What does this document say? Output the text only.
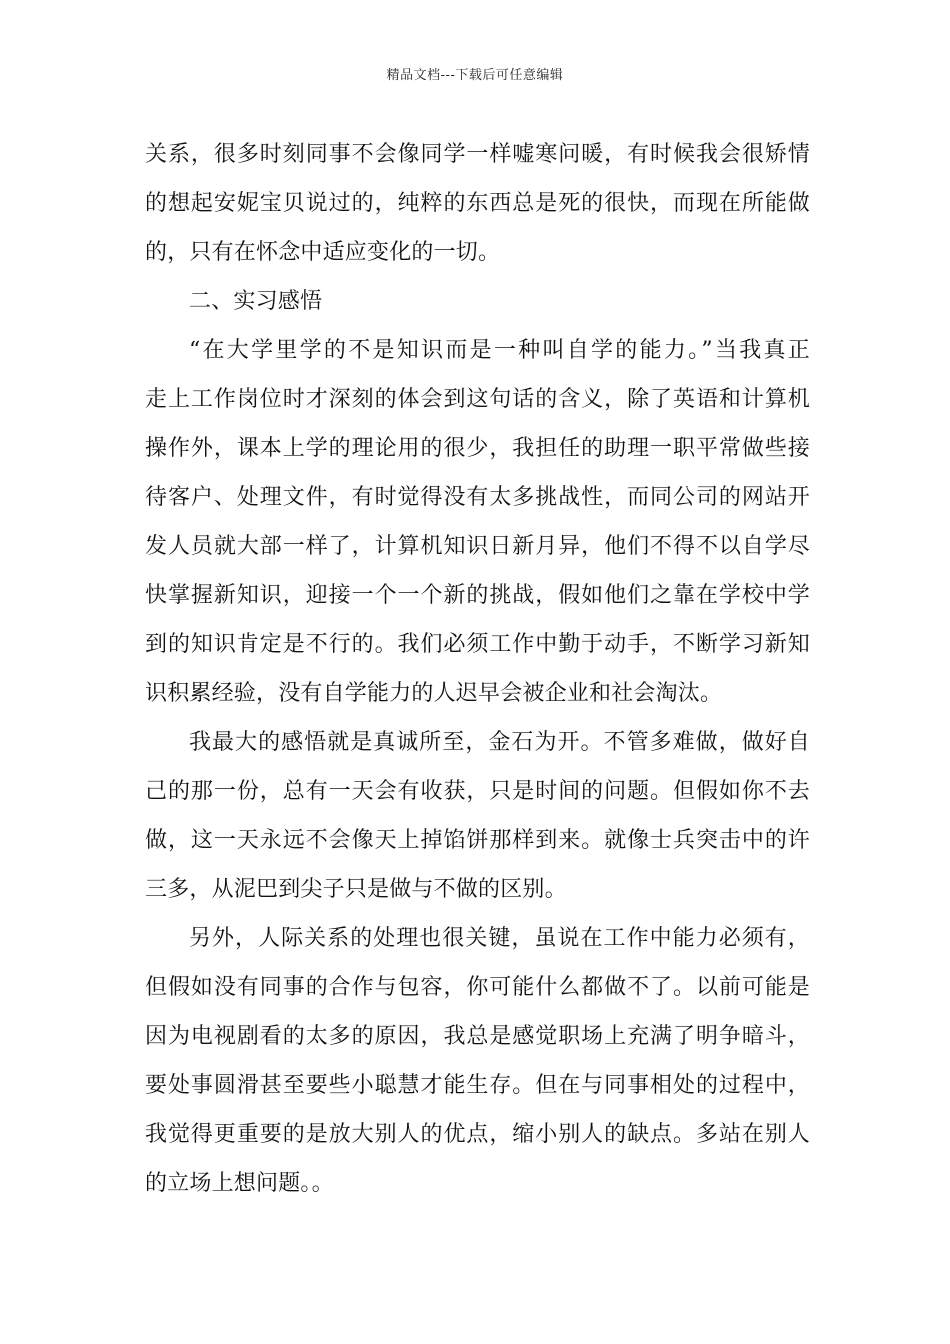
精品文档---下载后可任意编辑
关系，很多时刻同事不会像同学一样嘘寒问暖，有时候我会很矫情
的想起安妮宝贝说过的，纯粹的东西总是死的很快，而现在所能做
的，只有在怀念中适应变化的一切。
二、实习感悟
“在大学里学的不是知识而是一种叫自学的能力。”当我真正
走上工作岗位时才深刻的体会到这句话的含义，除了英语和计算机
操作外，课本上学的理论用的很少，我担任的助理一职平常做些接
待客户、处理文件，有时觉得没有太多挑战性，而同公司的网站开
发人员就大部一样了，计算机知识日新月异，他们不得不以自学尽
快掌握新知识，迎接一个一个新的挑战，假如他们之靠在学校中学
到的知识肯定是不行的。我们必须工作中勤于动手，不断学习新知
识积累经验，没有自学能力的人迟早会被企业和社会淘汰。
我最大的感悟就是真诚所至，金石为开。不管多难做，做好自
己的那一份，总有一天会有收获，只是时间的问题。但假如你不去
做，这一天永远不会像天上掉馅饼那样到来。就像士兵突击中的许
三多，从泥巴到尖子只是做与不做的区别。
另外，人际关系的处理也很关键，虽说在工作中能力必须有，
但假如没有同事的合作与包容，你可能什么都做不了。以前可能是
因为电视剧看的太多的原因，我总是感觉职场上充满了明争暗斗，
要处事圆滑甚至要些小聪慧才能生存。但在与同事相处的过程中，
我觉得更重要的是放大别人的优点，缩小别人的缺点。多站在别人
的立场上想问题。。
